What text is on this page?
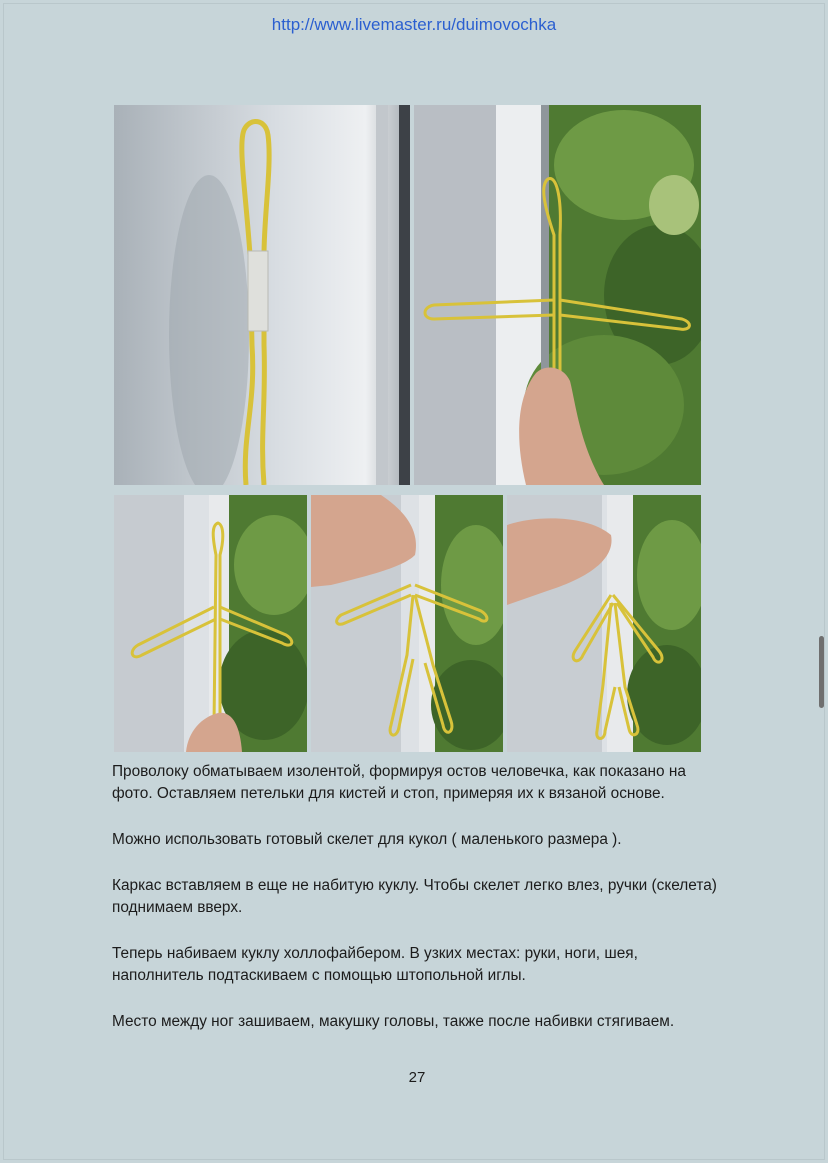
http://www.livemaster.ru/duimovochka

Проволоку обматываем изолентой, формируя остов человечка, как показано на фото. Оставляем петельки для кистей и стоп, примеряя их к вязаной основе.

Можно использовать готовый скелет для кукол ( маленького размера ).

Каркас вставляем в еще не набитую куклу. Чтобы скелет легко влез, ручки (скелета) поднимаем вверх.

Теперь набиваем куклу холлофайбером. В узких местах: руки, ноги, шея, наполнитель подтаскиваем с помощью штопольной иглы.

Место между ног зашиваем, макушку головы, также после набивки стягиваем.

27
